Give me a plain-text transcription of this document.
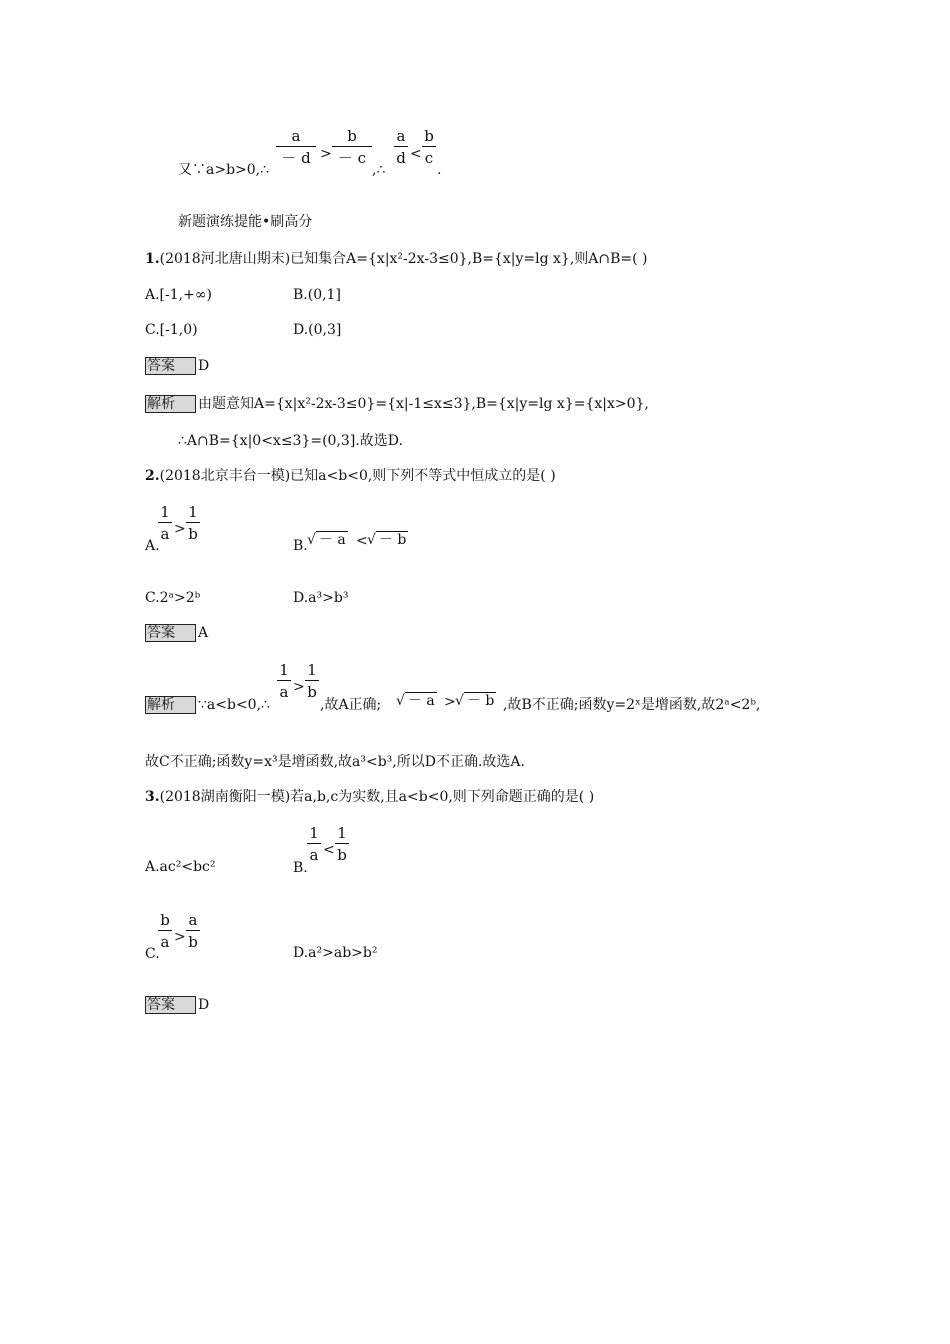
又∵a>b>0,∴
a
－ d >
b
－ c
,∴
a
d <
b
c
.
新题演练提能•刷高分
1.(2018河北唐山期末)已知集合A={x|x²-2x-3≤0},B={x|y=lg x},则A∩B=( )
A.[-1,+∞)	B.(0,1]
C.[-1,0)	D.(0,3]
答案 D
解析 由题意知A={x|x²-2x-3≤0}={x|-1≤x≤3},B={x|y=lg x}={x|x>0},
∴A∩B={x|0<x≤3}=(0,3].故选D.
2.(2018北京丰台一模)已知a<b<0,则下列不等式中恒成立的是( )
A.
1
a >
1
b
B. √ － a < √ － b
C.2ᵃ>2ᵇ	D.a³>b³
答案 A
解析 ∵a<b<0,∴
1
a >
1
b
,故A正确; √ － a > √ － b ,故B不正确;函数y=2ˣ是增函数,故2ᵃ<2ᵇ,
故C不正确;函数y=x³是增函数,故a³<b³,所以D不正确.故选A.
3.(2018湖南衡阳一模)若a,b,c为实数,且a<b<0,则下列命题正确的是( )
A.ac²<bc²	B.
1
a <
1
b
C.
b
a >
a
b
D.a²>ab>b²
答案 D
